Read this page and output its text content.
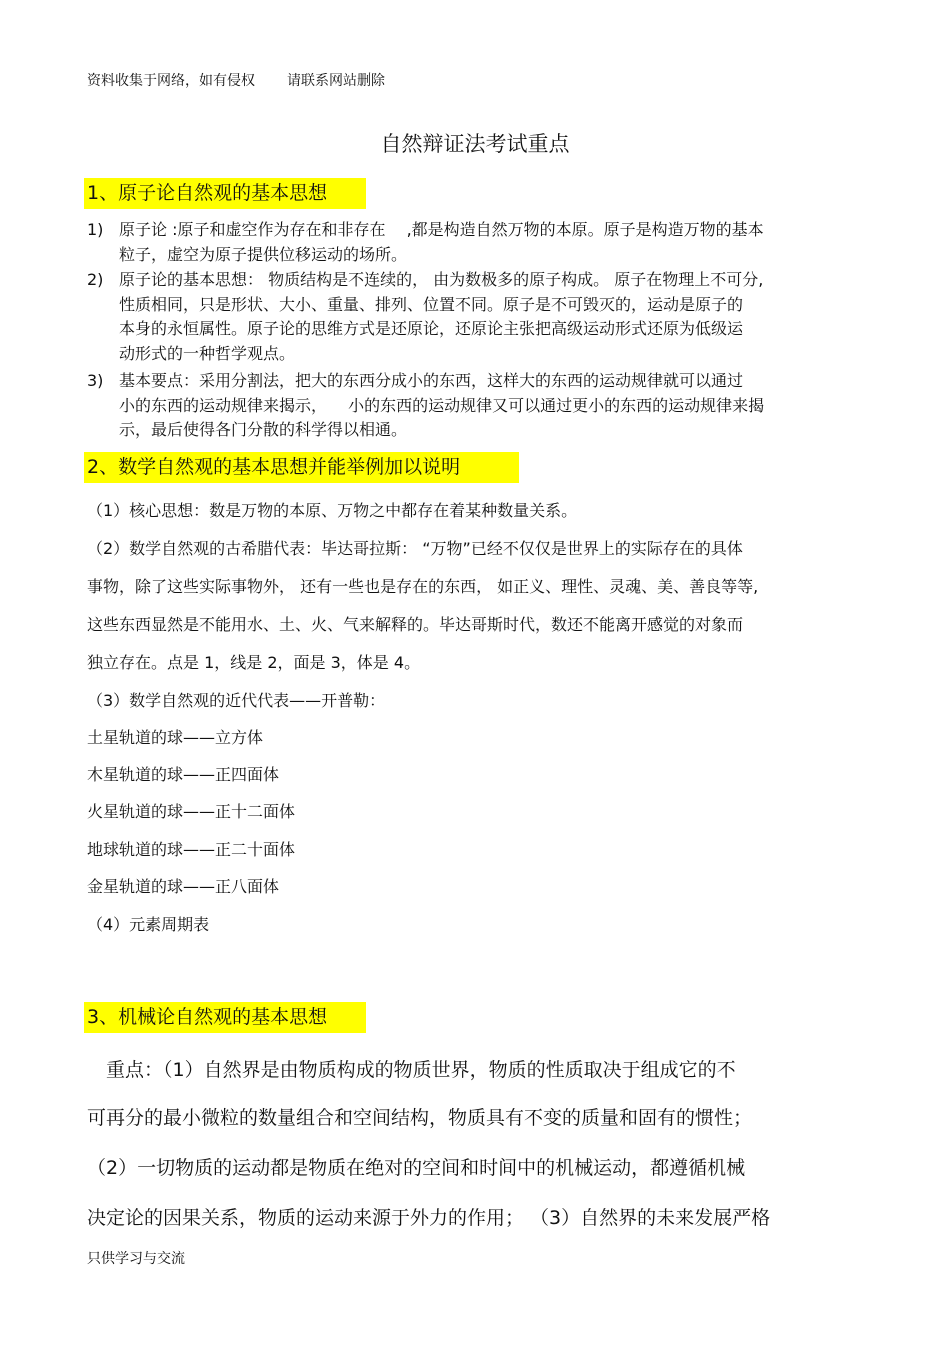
资料收集于网络，如有侵权 请联系网站删除
自然辩证法考试重点
1、原子论自然观的基本思想
1) 原子论 :原子和虚空作为存在和非存在 　,都是构造自然万物的本原。原子是构造万物的基本
粒子，虚空为原子提供位移运动的场所。
2) 原子论的基本思想： 物质结构是不连续的， 由为数极多的原子构成。 原子在物理上不可分,
性质相同，只是形状、大小、重量、排列、位置不同。原子是不可毁灭的，运动是原子的
本身的永恒属性。原子论的思维方式是还原论，还原论主张把高级运动形式还原为低级运
动形式的一种哲学观点。
3) 基本要点：采用分割法，把大的东西分成小的东西，这样大的东西的运动规律就可以通过
小的东西的运动规律来揭示， 　小的东西的运动规律又可以通过更小的东西的运动规律来揭
示，最后使得各门分散的科学得以相通。
2、数学自然观的基本思想并能举例加以说明
（1）核心思想：数是万物的本原、万物之中都存在着某种数量关系。
（2）数学自然观的古希腊代表：毕达哥拉斯： “万物”已经不仅仅是世界上的实际存在的具体
事物，除了这些实际事物外， 还有一些也是存在的东西， 如正义、理性、灵魂、美、善良等等,
这些东西显然是不能用水、土、火、气来解释的。毕达哥斯时代，数还不能离开感觉的对象而
独立存在。点是 1，线是 2，面是 3，体是 4。
（3）数学自然观的近代代表——开普勒：
土星轨道的球——立方体
木星轨道的球——正四面体
火星轨道的球——正十二面体
地球轨道的球——正二十面体
金星轨道的球——正八面体
（4）元素周期表
3、机械论自然观的基本思想
　重点：（1）自然界是由物质构成的物质世界，物质的性质取决于组成它的不
可再分的最小微粒的数量组合和空间结构，物质具有不变的质量和固有的惯性；
（2）一切物质的运动都是物质在绝对的空间和时间中的机械运动，都遵循机械
决定论的因果关系，物质的运动来源于外力的作用； （3）自然界的未来发展严格
只供学习与交流
